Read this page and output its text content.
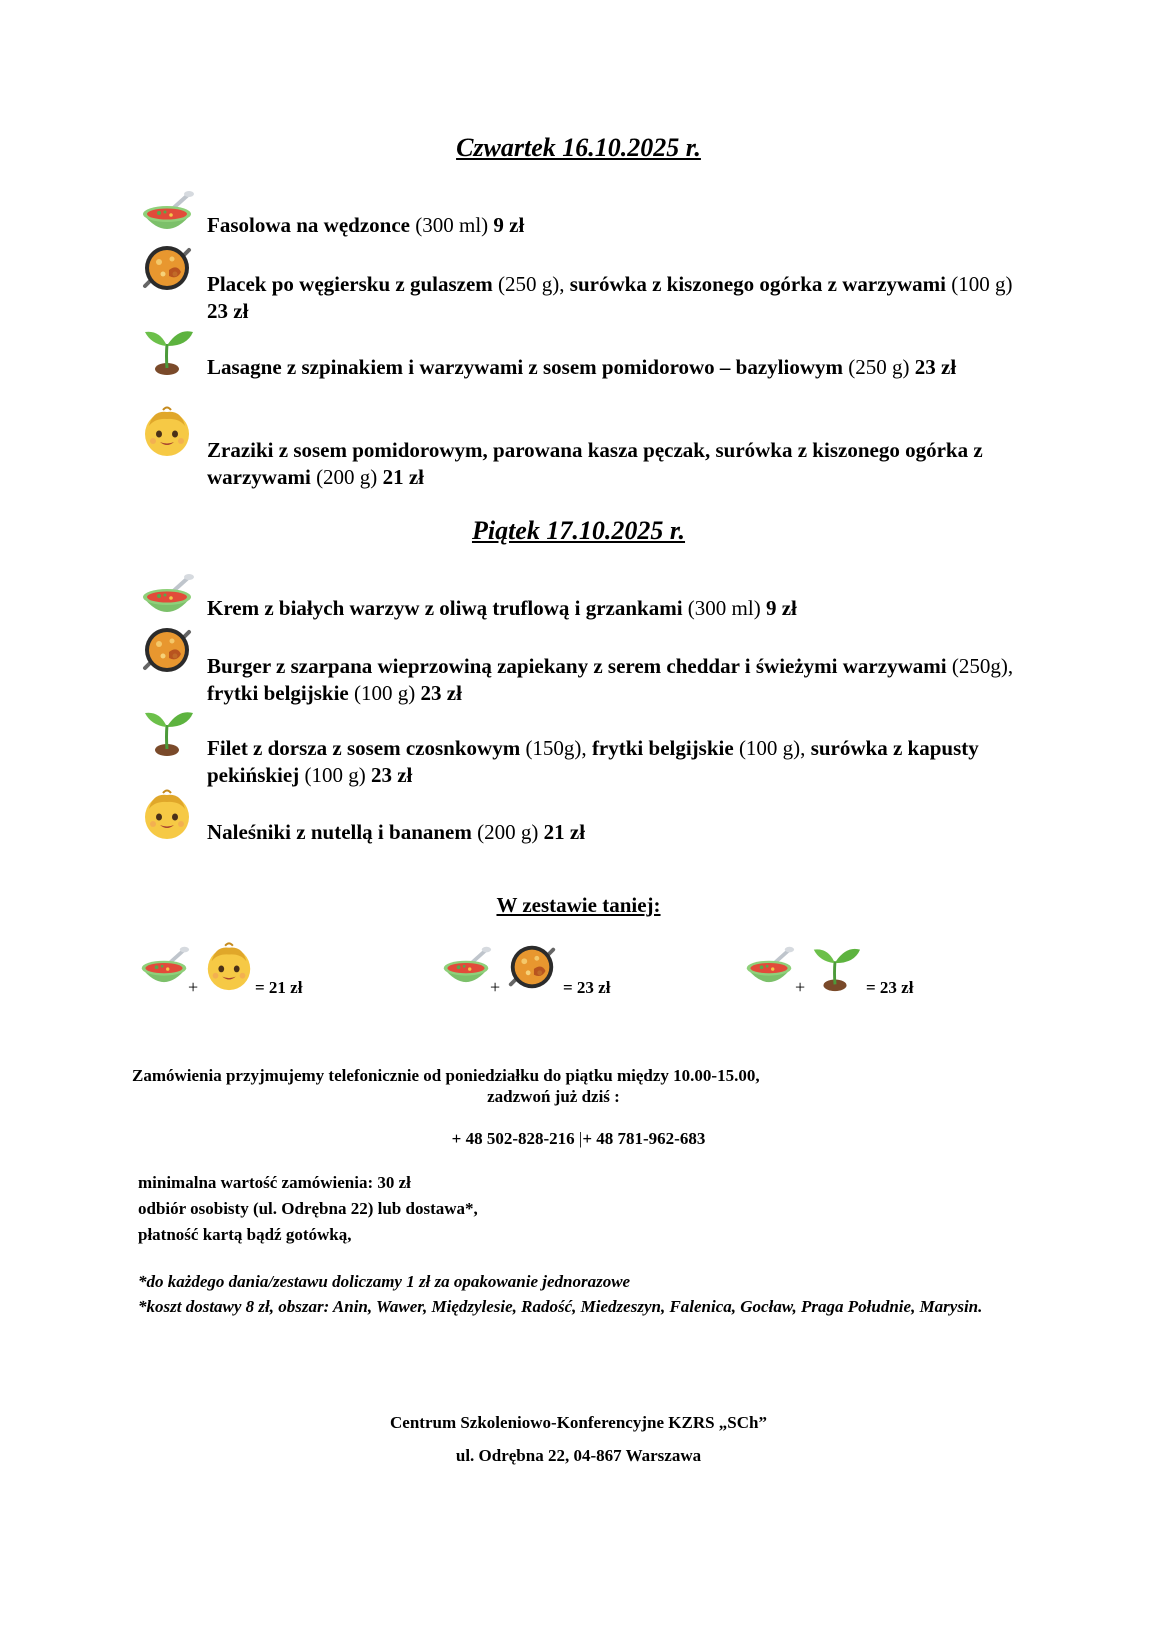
Czwartek 16.10.2025 r.
Fasolowa na wędzonce (300 ml) 9 zł
Placek po węgiersku z gulaszem (250 g), surówka z kiszonego ogórka z warzywami (100 g) 23 zł
Lasagne z szpinakiem i warzywami z sosem pomidorowo – bazyliowym (250 g) 23 zł
Zraziki z sosem pomidorowym, parowana kasza pęczak, surówka z kiszonego ogórka z warzywami (200 g) 21 zł
Piątek 17.10.2025 r.
Krem z białych warzyw z oliwą truflową i grzankami (300 ml) 9 zł
Burger z szarpana wieprzowiną zapiekany z serem cheddar i świeżymi warzywami (250g), frytki belgijskie (100 g) 23 zł
Filet z dorsza z sosem czosnkowym (150g), frytki belgijskie (100 g), surówka z kapusty pekińskiej (100 g) 23 zł
Naleśniki z nutellą i bananem (200 g) 21 zł
W zestawie taniej:
+	= 21 zł	+	= 23 zł	+	= 23 zł
Zamówienia przyjmujemy telefonicznie od poniedziałku do piątku między 10.00-15.00,
zadzwoń już dziś :
+ 48 502-828-216 |+ 48 781-962-683
minimalna wartość zamówienia: 30 zł
odbiór osobisty (ul. Odrębna 22) lub dostawa*,
płatność kartą bądź gotówką,
*do każdego dania/zestawu doliczamy 1 zł za opakowanie jednorazowe
*koszt dostawy 8 zł, obszar: Anin, Wawer, Międzylesie, Radość, Miedzeszyn, Falenica, Gocław, Praga Południe, Marysin.
Centrum Szkoleniowo-Konferencyjne KZRS „SCh”
ul. Odrębna 22, 04-867 Warszawa
